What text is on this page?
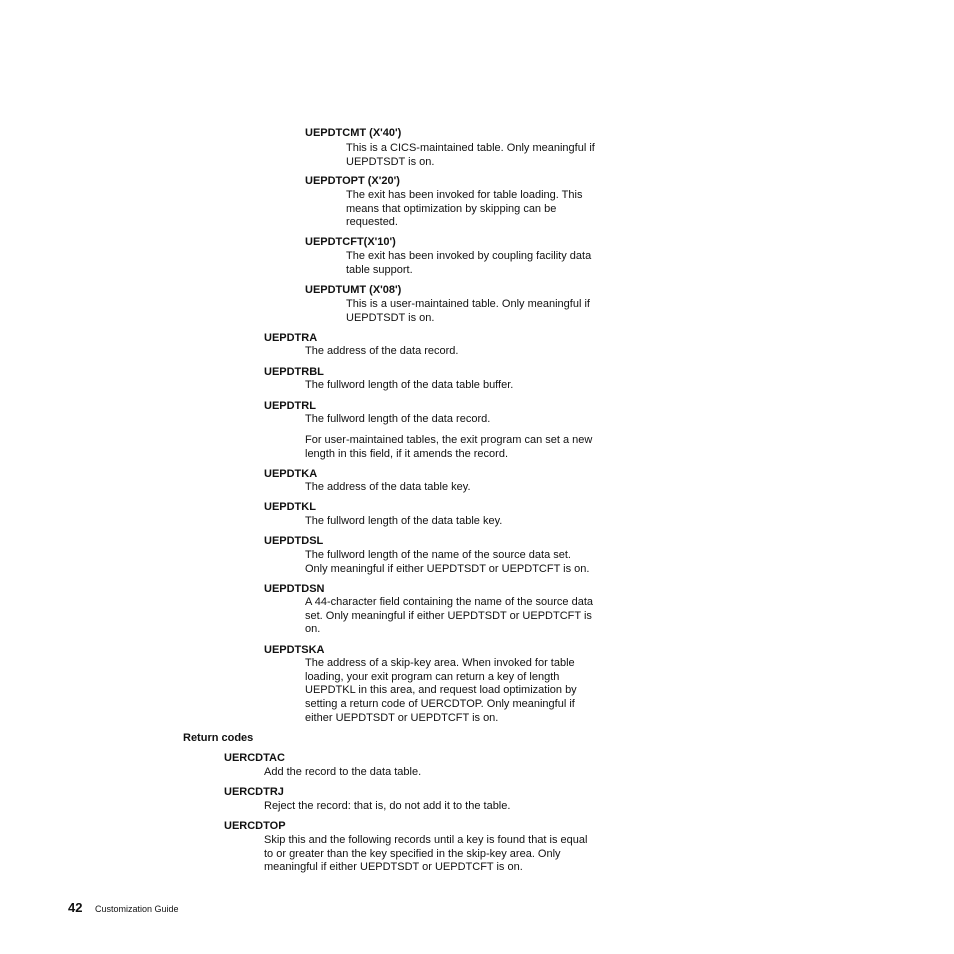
UEPDTCMT (X'40')

This is a CICS-maintained table. Only meaningful if

UEPDTSDT is on.

UEPDTOPT (X'20')

The exit has been invoked for table loading. This

means that optimization by skipping can be

requested.

UEPDTCFT(X'10')

The exit has been invoked by coupling facility data

table support.

UEPDTUMT (X'08')

This is a user-maintained table. Only meaningful if

UEPDTSDT is on.

UEPDTRA

The address of the data record.

UEPDTRBL

The fullword length of the data table buffer.

UEPDTRL

The fullword length of the data record.

For user-maintained tables, the exit program can set a new

length in this field, if it amends the record.

UEPDTKA

The address of the data table key.

UEPDTKL

The fullword length of the data table key.

UEPDTDSL

The fullword length of the name of the source data set.

Only meaningful if either UEPDTSDT or UEPDTCFT is on.

UEPDTDSN

A 44-character field containing the name of the source data

set. Only meaningful if either UEPDTSDT or UEPDTCFT is

on.

UEPDTSKA

The address of a skip-key area. When invoked for table

loading, your exit program can return a key of length

UEPDTKL in this area, and request load optimization by

setting a return code of UERCDTOP. Only meaningful if

either UEPDTSDT or UEPDTCFT is on.

Return codes
UERCDTAC

Add the record to the data table.

UERCDTRJ

Reject the record: that is, do not add it to the table.

UERCDTOP

Skip this and the following records until a key is found that is equal

to or greater than the key specified in the skip-key area. Only

meaningful if either UEPDTSDT or UEPDTCFT is on.

42 Customization Guide
